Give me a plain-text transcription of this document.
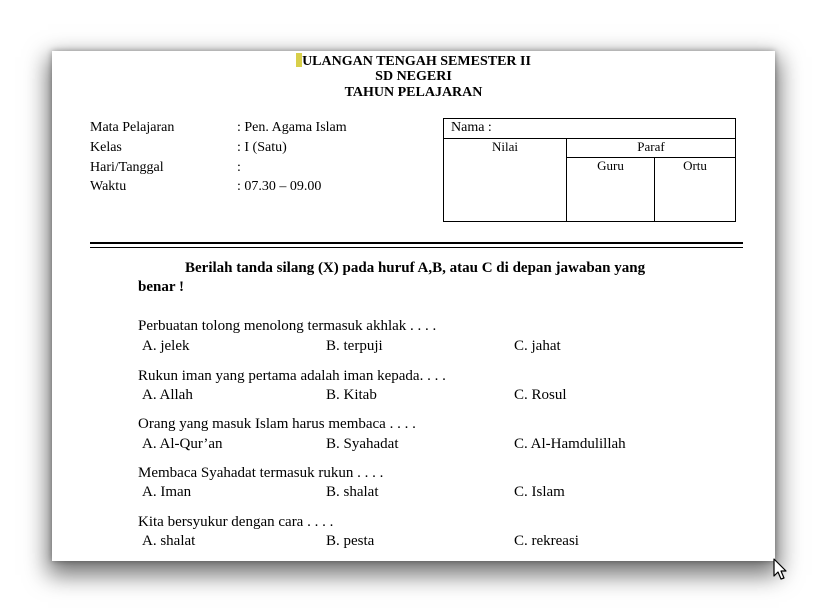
ULANGAN TENGAH SEMESTER II
SD NEGERI
TAHUN PELAJARAN
Mata Pelajaran	: Pen. Agama Islam
Kelas	: I (Satu)
Hari/Tanggal	:
Waktu	: 07.30 – 09.00
Nama :
Nilai	Paraf
Guru	Ortu
Berilah tanda silang (X) pada huruf A,B, atau C di depan jawaban yang
benar !
Perbuatan tolong menolong termasuk akhlak . . . .
A. jelek	B. terpuji	C. jahat
Rukun iman yang pertama adalah iman kepada. . . .
A. Allah	B. Kitab	C. Rosul
Orang yang masuk Islam harus membaca . . . .
A. Al-Qur’an	B. Syahadat	C. Al-Hamdulillah
Membaca Syahadat termasuk rukun . . . .
A. Iman	B. shalat	C. Islam
Kita bersyukur dengan cara . . . .
A. shalat	B. pesta	C. rekreasi
